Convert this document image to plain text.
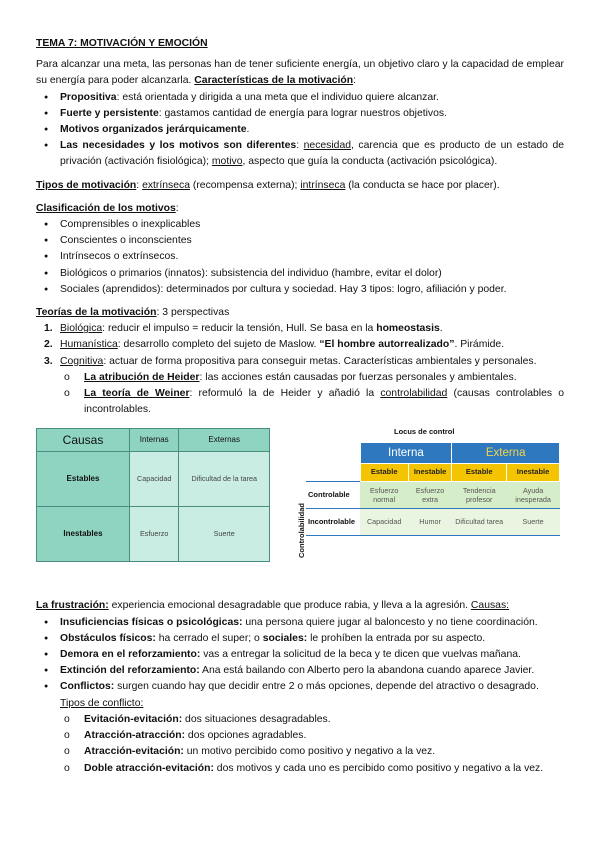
TEMA 7: MOTIVACIÓN Y EMOCIÓN

Para alcanzar una meta, las personas han de tener suficiente energía, un objetivo claro y la capacidad de emplear su energía para poder alcanzarla. Características de la motivación:

● Propositiva: está orientada y dirigida a una meta que el individuo quiere alcanzar.
● Fuerte y persistente: gastamos cantidad de energía para lograr nuestros objetivos.
● Motivos organizados jerárquicamente.
● Las necesidades y los motivos son diferentes: necesidad, carencia que es producto de un estado de privación (activación fisiológica); motivo, aspecto que guía la conducta (activación psicológica).

Tipos de motivación: extrínseca (recompensa externa); intrínseca (la conducta se hace por placer).

Clasificación de los motivos:

● Comprensibles o inexplicables
● Conscientes o inconscientes
● Intrínsecos o extrínsecos.
● Biológicos o primarios (innatos): subsistencia del individuo (hambre, evitar el dolor)
● Sociales (aprendidos): determinados por cultura y sociedad. Hay 3 tipos: logro, afiliación y poder.

Teorías de la motivación: 3 perspectivas

1. Biológica: reducir el impulso = reducir la tensión, Hull. Se basa en la homeostasis.
2. Humanística: desarrollo completo del sujeto de Maslow. “El hombre autorrealizado”. Pirámide.
3. Cognitiva: actuar de forma propositiva para conseguir metas. Características ambientales y personales.
o La atribución de Heider: las acciones están causadas por fuerzas personales y ambientales.
o La teoría de Weiner: reformuló la de Heider y añadió la controlabilidad (causas controlables o incontrolables.
Causas	Internas	Externas
Estables	Capacidad	Dificultad de la tarea
Inestables	Esfuerzo	Suerte
Locus de control
Controlabilidad
	Interna		Externa	
	Estable	Inestable	Estable	Inestable
Controlable	Esfuerzo normal	Esfuerzo extra	Tendencia profesor	Ayuda inesperada
Incontrolable	Capacidad	Humor	Dificultad tarea	Suerte

La frustración: experiencia emocional desagradable que produce rabia, y lleva a la agresión. Causas:

● Insuficiencias físicas o psicológicas: una persona quiere jugar al baloncesto y no tiene coordinación.
● Obstáculos físicos: ha cerrado el super; o sociales: le prohíben la entrada por su aspecto.
● Demora en el reforzamiento: vas a entregar la solicitud de la beca y te dicen que vuelvas mañana.
● Extinción del reforzamiento: Ana está bailando con Alberto pero la abandona cuando aparece Javier.
● Conflictos: surgen cuando hay que decidir entre 2 o más opciones, depende del atractivo o desagrado.

Tipos de conflicto:

o Evitación-evitación: dos situaciones desagradables.
o Atracción-atracción: dos opciones agradables.
o Atracción-evitación: un motivo percibido como positivo y negativo a la vez.
o Doble atracción-evitación: dos motivos y cada uno es percibido como positivo y negativo a la vez.
